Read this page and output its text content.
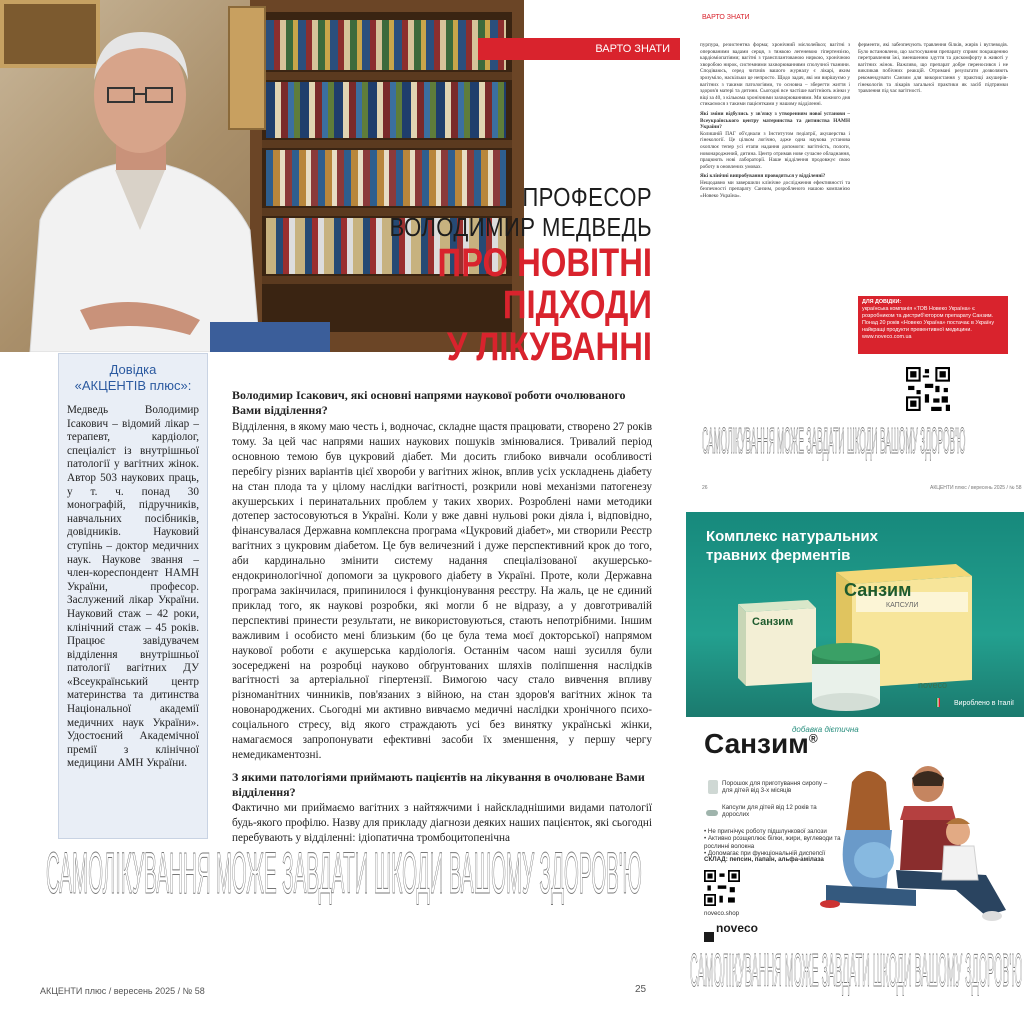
ВАРТО ЗНАТИ
ПРОФЕСОР
ВОЛОДИМИР МЕДВЕДЬ
ПРО НОВІТНІ ПІДХОДИ
У ЛІКУВАННІ
Довідка
«АКЦЕНТІВ плюс»:
Медведь Володимир Ісакович – відомий лікар – терапевт, кардіолог, спеціаліст із внутрішньої патології у вагітних жінок. Автор 503 наукових праць, у т. ч. понад 30 монографій, підручників, навчальних посібників, довідників. Науковий ступінь – доктор медичних наук. Наукове звання – член-кореспондент НАМН України, професор. Заслужений лікар України. Науковий стаж – 42 роки, клінічний стаж – 45 років. Працює завідувачем відділення внутрішньої патології вагітних ДУ «Всеукраїнський центр материнства та дитинства Національної академії медичних наук України». Удостоєний Академічної премії з клінічної медицини АМН України.
Володимир Ісакович, які основні напрями наукової роботи очолюваного Вами відділення?
Відділення, в якому маю честь і, водночас, складне щастя працювати, створено 27 років тому. За цей час напрями наших наукових пошуків змінювалися. Тривалий період основною темою був цукровий діабет. Ми досить глибоко вивчали особливості перебігу різних варіантів цієї хвороби у вагітних жінок, вплив усіх ускладнень діабету на стан плода та у цілому наслідки вагітності, розкрили нові механізми патогенезу акушерських і перинатальних проблем у таких хворих. Розроблені нами методики дотепер застосовуються в Україні. Коли у вже давні нульові роки діяла і, відповідно, фінансувалася Державна комплексна програма «Цукровий діабет», ми створили Реєстр вагітних з цукровим діабетом. Це був величезний і дуже перспективний крок до того, аби кардинально змінити систему надання спеціалізованої акушерсько-ендокринологічної допомоги за цукрового діабету в Україні. Проте, коли Державна програма закінчилася, припинилося і функціонування реєстру. На жаль, це не єдиний приклад того, як наукові розробки, які могли б не відразу, а у довготривалій перспективі принести результати, не використовуються, стають непотрібними. Іншим важливим і особисто мені близьким (бо це була тема моєї докторської) напрямом наукової роботи є акушерська кардіологія. Останнім часом наші зусилля були зосереджені на розробці науково обґрунтованих шляхів поліпшення наслідків вагітності за артеріальної гіпертензії. Вимогою часу стало вивчення впливу різноманітних чинників, пов'язаних з війною, на стан здоров'я вагітних жінок та новонароджених. Сьогодні ми активно вивчаємо медичні наслідки хронічного психо-соціального стресу, від якого страждають усі без винятку українські жінки, намагаємося запропонувати ефективні засоби їх зменшення, у першу чергу немедикаментозні.
З якими патологіями приймають пацієнтів на лікування в очолюване Вами відділення?
Фактично ми приймаємо вагітних з найтяжчими і найскладнішими видами патології будь-якого профілю. Назву для прикладу діагнози деяких наших пацієнток, які сьогодні перебувають у відділенні: ідіопатична тромбоцитопенічна
САМОЛІКУВАННЯ МОЖЕ ЗАВДАТИ ШКОДИ ВАШОМУ ЗДОРОВ'Ю
АКЦЕНТИ плюс / вересень 2025 / № 58	25
ВАРТО ЗНАТИ
пурпура, резистентна форма; хронічний мієлолейкоз; вагітні з оперованими вадами серця, з тяжкою легеневою гіпертензією, кардіоміопатіями; вагітні з трансплантованою ниркою, хронічною хворобою нирок, системними захворюваннями сполучної тканини. Сподіваюсь, серед читачів вашого журналу є лікарі, яким зрозуміло, наскільки це непросто. Щодо задач, які ми вирішуємо у вагітних з такими патологіями, то основна – зберегти життя і здоров'я матері та дитини. Сьогодні все частіше вагітніють жінки у віці за 40, з кількома хронічними захворюваннями. Ми кожного дня стикаємося з такими пацієнтками у нашому відділенні.
Які зміни відбулись у зв'язку з утворенням нової установи – Всеукраїнського центру материнства та дитинства НАМН України?
Колишній ПАГ об'єднали з Інститутом педіатрії, акушерства і гінекології. Це цілком логічно, адже одна наукова установа охоплює тепер усі етапи надання допомоги: вагітність, пологи, новонароджений, дитина. Центр отримав нове сучасне обладнання, працюють нові лабораторії. Наше відділення продовжує свою роботу в оновлених умовах.
Які клінічні випробування проводяться у відділенні?
Нещодавно ми завершили клінічне дослідження ефективності та безпечності препарату Санзим, розробленого нашою компанією «Новеко Україна».
ферменти, які забезпечують травлення білків, жирів і вуглеводів. Було встановлено, що застосування препарату сприяє покращенню перетравлення їжі, зменшенню здуття та дискомфорту в животі у вагітних жінок. Важливо, що препарат добре переносився і не викликав побічних реакцій. Отримані результати дозволяють рекомендувати Санзим для використання у практиці акушерів-гінекологів та лікарів загальної практики як засіб підтримки травлення під час вагітності.
ДЛЯ ДОВІДКИ:
українська компанія «ТОВ Новеко Україна» є розробником та дистриб'ютором препарату Санзим. Понад 20 років «Новеко Україна» постачає в Україну найкращі продукти превентивної медицини. www.noveco.com.ua
САМОЛІКУВАННЯ МОЖЕ ЗАВДАТИ ШКОДИ ВАШОМУ ЗДОРОВ'Ю
26	АКЦЕНТИ плюс / вересень 2025 / № 58
Санзим
КАПСУЛИ
Санзим
noveco
Комплекс натуральних
травних ферментів
Вироблено в Італії
Порошок для приготування сиропу – для дітей від 3-х місяців
Капсули для дітей від 12 років та дорослих
• Не пригнічує роботу підшлункової залози
• Активно розщеплює білки, жири, вуглеводи та рослинні волокна
• Допомагає при функціональній диспепсії
СКЛАД: пепсин, папаїн, альфа-амілаза
noveco.shop
noveco
добавка дієтична
Санзим®
САМОЛІКУВАННЯ МОЖЕ ЗАВДАТИ ШКОДИ ВАШОМУ ЗДОРОВ'Ю
